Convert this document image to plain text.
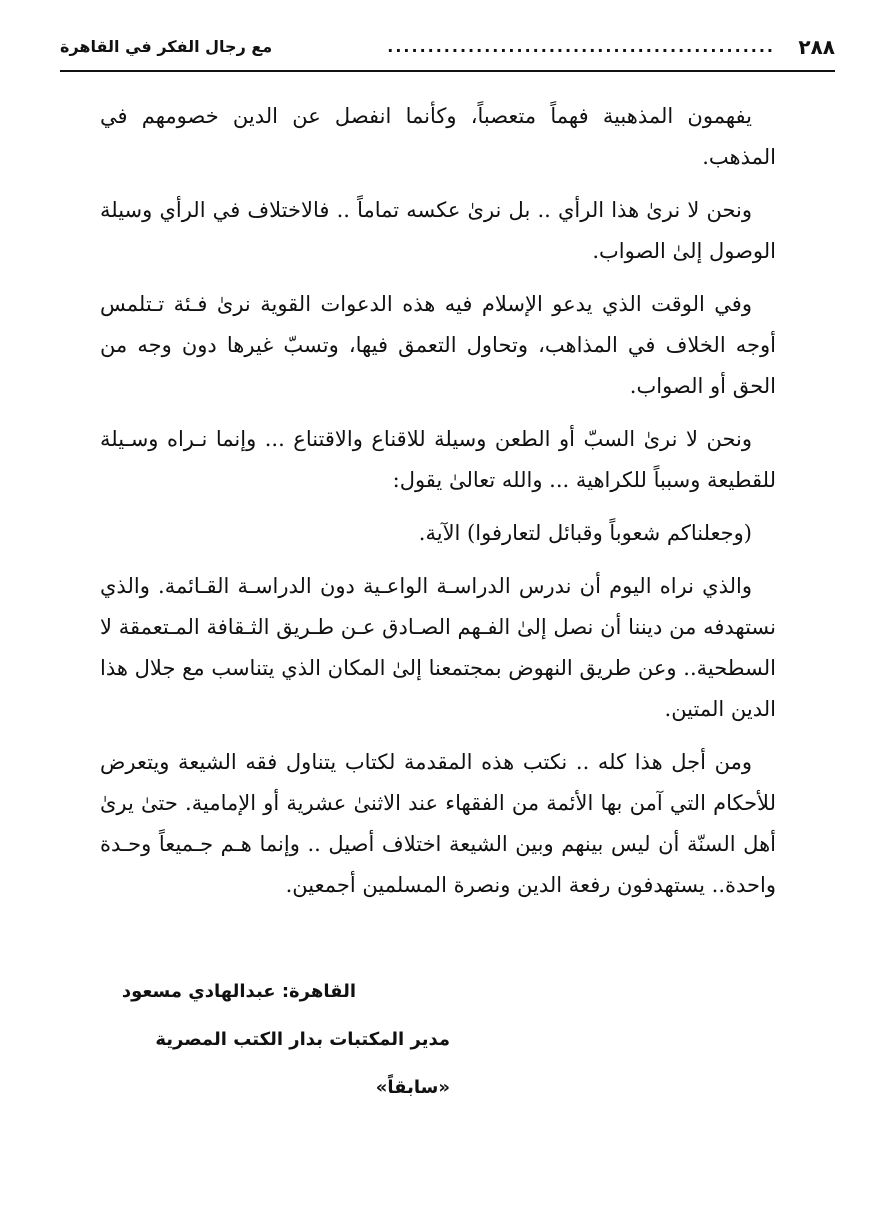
٢٨٨
................................................
مع رجال الفكر في القاهرة

يفهمون المذهبية فهماً متعصباً، وكأنما انفصل عن الدين خصومهم في المذهب.

ونحن لا نرىٰ هذا الرأي .. بل نرىٰ عكسه تماماً .. فالاختلاف في الرأي وسيلة الوصول إلىٰ الصواب.

وفي الوقت الذي يدعو الإسلام فيه هذه الدعوات القوية نرىٰ فـئة تـتلمس أوجه الخلاف في المذاهب، وتحاول التعمق فيها، وتسبّ غيرها دون وجه من الحق أو الصواب.

ونحن لا نرىٰ السبّ أو الطعن وسيلة للاقناع والاقتناع ... وإنما نـراه وسـيلة للقطيعة وسبباً للكراهية ... والله تعالىٰ يقول:

(وجعلناكم شعوباً وقبائل لتعارفوا) الآية.

والذي نراه اليوم أن ندرس الدراسـة الواعـية دون الدراسـة القـائمة. والذي نستهدفه من ديننا أن نصل إلىٰ الفـهم الصـادق عـن طـريق الثـقافة المـتعمقة لا السطحية.. وعن طريق النهوض بمجتمعنا إلىٰ المكان الذي يتناسب مع جلال هذا الدين المتين.

ومن أجل هذا كله .. نكتب هذه المقدمة لكتاب يتناول فقه الشيعة ويتعرض للأحكام التي آمن بها الأئمة من الفقهاء عند الاثنىٰ عشرية أو الإمامية. حتىٰ يرىٰ أهل السنّة أن ليس بينهم وبين الشيعة اختلاف أصيل .. وإنما هـم جـميعاً وحـدة واحدة.. يستهدفون رفعة الدين ونصرة المسلمين أجمعين.

القاهرة: عبدالهادي مسعود

مدير المكتبات بدار الكتب المصرية «سابقاً»
